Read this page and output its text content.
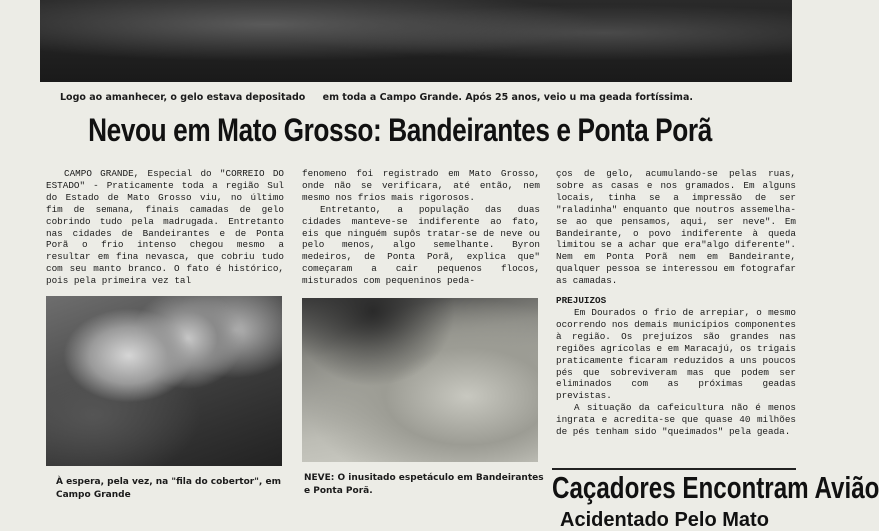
Logo ao amanhecer, o gelo estava depositado em toda a Campo Grande. Após 25 anos, veio u ma geada fortíssima.
Nevou em Mato Grosso: Bandeirantes e Ponta Porã

CAMPO GRANDE, Especial do "CORREIO DO ESTADO" - Praticamente toda a região Sul do Estado de Mato Grosso viu, no último fim de semana, finais camadas de gelo cobrindo tudo pela madrugada. Entretanto nas cidades de Bandeirantes e de Ponta Porã o frio intenso chegou mesmo a resultar em fina nevasca, que cobriu tudo com seu manto branco. O fato é histórico, pois pela primeira vez tal

fenomeno foi registrado em Mato Grosso, onde não se verificara, até então, nem mesmo nos frios mais rigorosos.

Entretanto, a população das duas cidades manteve-se indiferente ao fato, eis que ninguém supôs tratar-se de neve ou pelo menos, algo semelhante. Byron medeiros, de Ponta Porã, explica que" começaram a cair pequenos flocos, misturados com pequeninos peda-

ços de gelo, acumulando-se pelas ruas, sobre as casas e nos gramados. Em alguns locais, tinha se a impressão de ser "raladinha" enquanto que noutros assemelha-se ao que pensamos, aqui, ser neve". Em Bandeirante, o povo indiferente à queda limitou se a achar que era"algo diferente". Nem em Ponta Porã nem em Bandeirante, qualquer pessoa se interessou em fotografar as camadas.

PREJUIZOS

Em Dourados o frio de arrepiar, o mesmo ocorrendo nos demais municípios componentes à região. Os prejuízos são grandes nas regiões agrícolas e em Maracajú, os trigais praticamente ficaram reduzidos a uns poucos pés que sobreviveram mas que podem ser eliminados com as próximas geadas previstas.

A situação da cafeicultura não é menos ingrata e acredita-se que quase 40 milhões de pés tenham sido "queimados" pela geada.

À espera, pela vez, na "fila do cobertor", em Campo Grande
NEVE: O inusitado espetáculo em Bandeirantes e Ponta Porã.	Caçadores Encontram Avião
Acidentado Pelo Mato
